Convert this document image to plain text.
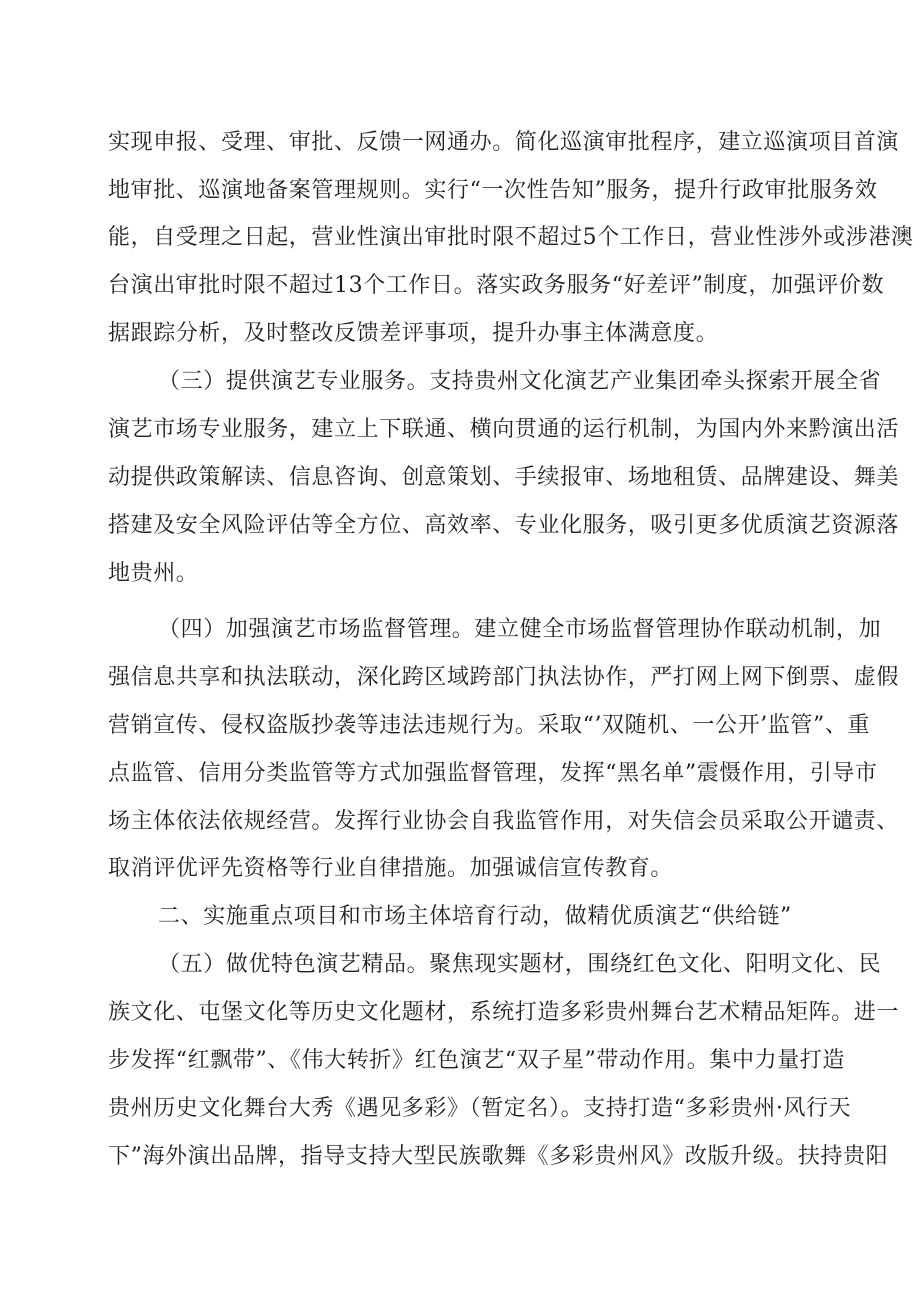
实现申报、受理、审批、反馈一网通办。简化巡演审批程序，建立巡演项目首演
地审批、巡演地备案管理规则。实行“一次性告知”服务，提升行政审批服务效
能，自受理之日起，营业性演出审批时限不超过5个工作日，营业性涉外或涉港澳
台演出审批时限不超过13个工作日。落实政务服务“好差评”制度，加强评价数
据跟踪分析，及时整改反馈差评事项，提升办事主体满意度。
（三）提供演艺专业服务。支持贵州文化演艺产业集团牵头探索开展全省
演艺市场专业服务，建立上下联通、横向贯通的运行机制，为国内外来黔演出活
动提供政策解读、信息咨询、创意策划、手续报审、场地租赁、品牌建设、舞美
搭建及安全风险评估等全方位、高效率、专业化服务，吸引更多优质演艺资源落
地贵州。
（四）加强演艺市场监督管理。建立健全市场监督管理协作联动机制，加
强信息共享和执法联动，深化跨区域跨部门执法协作，严打网上网下倒票、虚假
营销宣传、侵权盗版抄袭等违法违规行为。采取“’双随机、一公开’监管”、重
点监管、信用分类监管等方式加强监督管理，发挥“黑名单”震慑作用，引导市
场主体依法依规经营。发挥行业协会自我监管作用，对失信会员采取公开谴责、
取消评优评先资格等行业自律措施。加强诚信宣传教育。
二、实施重点项目和市场主体培育行动，做精优质演艺“供给链”
（五）做优特色演艺精品。聚焦现实题材，围绕红色文化、阳明文化、民
族文化、屯堡文化等历史文化题材，系统打造多彩贵州舞台艺术精品矩阵。进一
步发挥“红飘带”、《伟大转折》红色演艺“双子星”带动作用。集中力量打造
贵州历史文化舞台大秀《遇见多彩》（暂定名）。支持打造“多彩贵州·风行天
下”海外演出品牌，指导支持大型民族歌舞《多彩贵州风》改版升级。扶持贵阳
